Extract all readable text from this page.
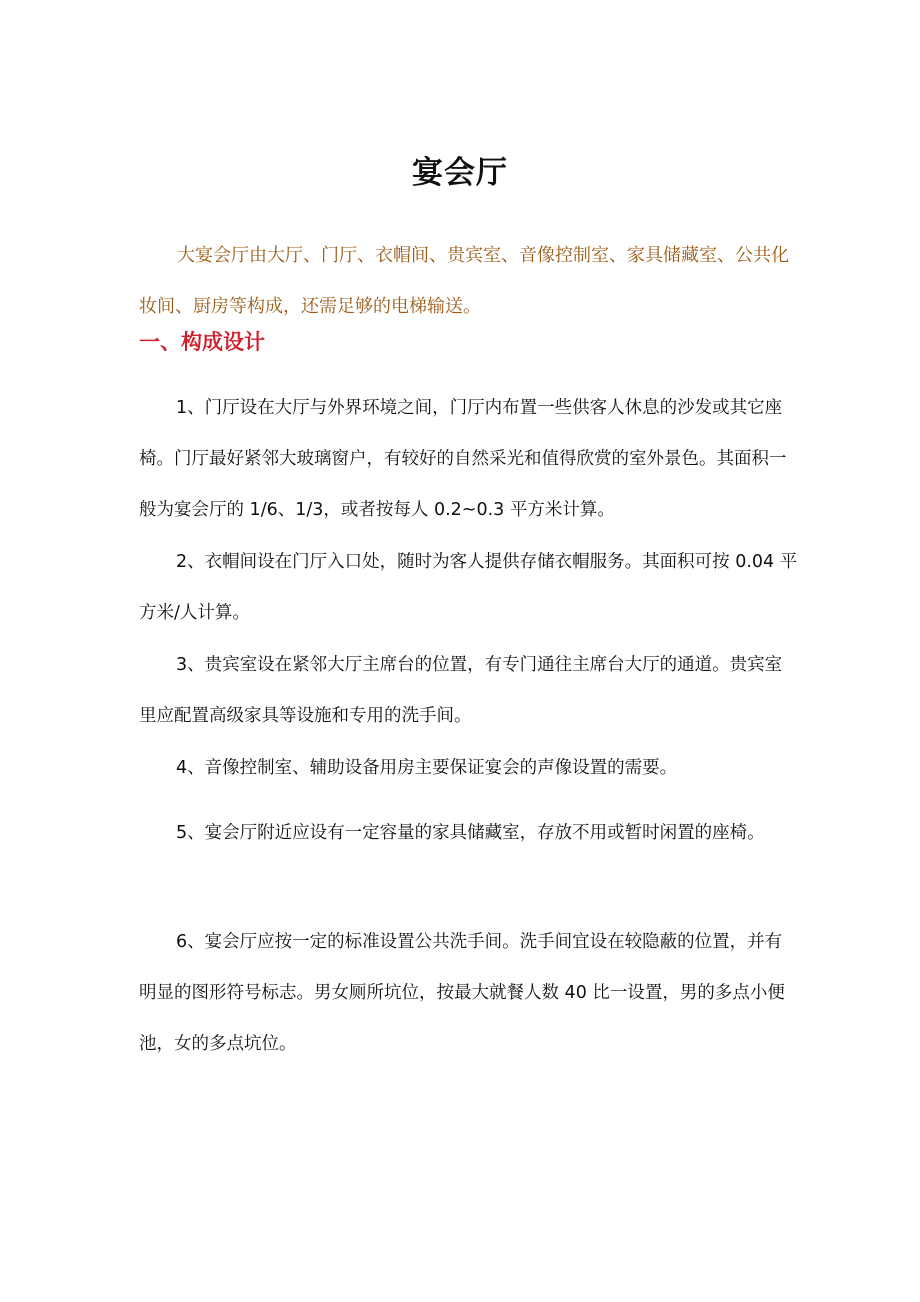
宴会厅

大宴会厅由大厅、门厅、衣帽间、贵宾室、音像控制室、家具储藏室、公共化妆间、厨房等构成，还需足够的电梯输送。

一、构成设计

1、门厅设在大厅与外界环境之间，门厅内布置一些供客人休息的沙发或其它座椅。门厅最好紧邻大玻璃窗户，有较好的自然采光和值得欣赏的室外景色。其面积一般为宴会厅的 1/6、1/3，或者按每人 0.2~0.3 平方米计算。

2、衣帽间设在门厅入口处，随时为客人提供存储衣帽服务。其面积可按 0.04 平方米/人计算。

3、贵宾室设在紧邻大厅主席台的位置，有专门通往主席台大厅的通道。贵宾室里应配置高级家具等设施和专用的洗手间。

4、音像控制室、辅助设备用房主要保证宴会的声像设置的需要。

5、宴会厅附近应设有一定容量的家具储藏室，存放不用或暂时闲置的座椅。

6、宴会厅应按一定的标准设置公共洗手间。洗手间宜设在较隐蔽的位置，并有明显的图形符号标志。男女厕所坑位，按最大就餐人数 40 比一设置，男的多点小便池，女的多点坑位。
